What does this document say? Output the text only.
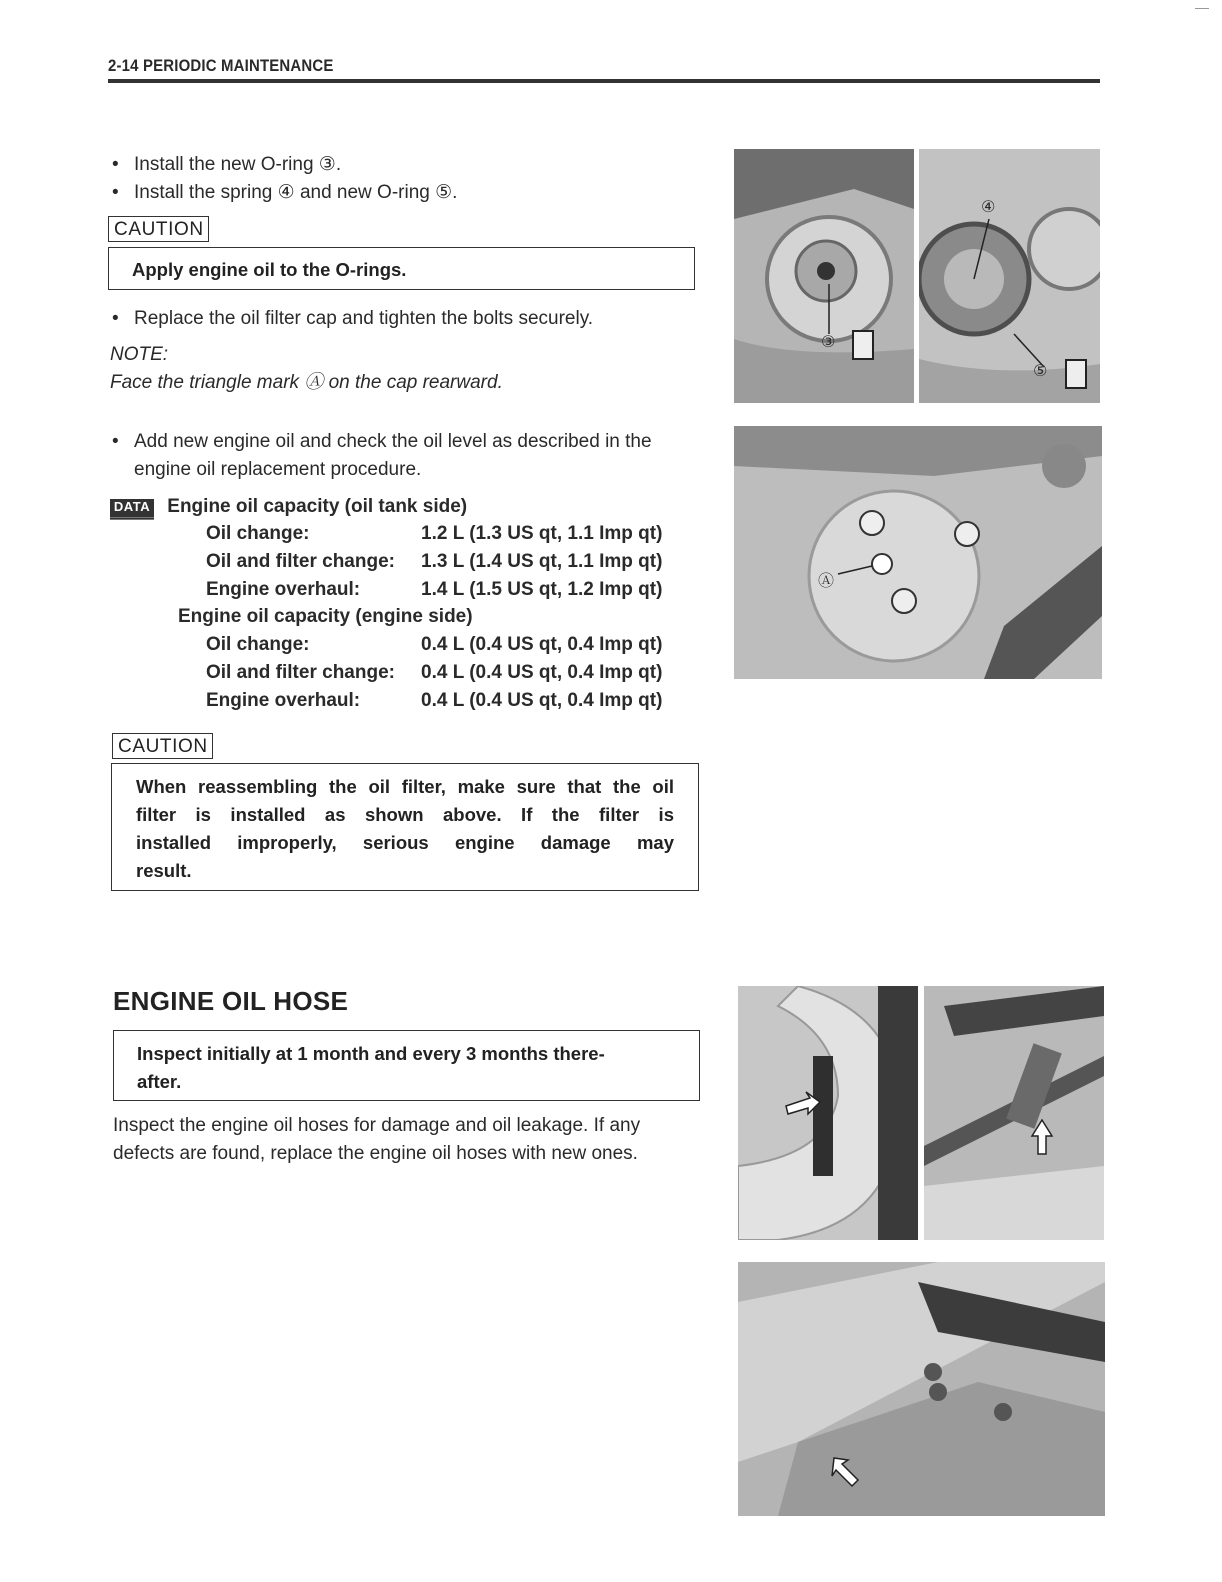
2-14 PERIODIC MAINTENANCE
• Install the new O-ring ③.
• Install the spring ④ and new O-ring ⑤.
CAUTION
Apply engine oil to the O-rings.
• Replace the oil filter cap and tighten the bolts securely.
NOTE:
Face the triangle mark Ⓐ on the cap rearward.
• Add new engine oil and check the oil level as described in the
engine oil replacement procedure.
DATA Engine oil capacity (oil tank side)
Oil change:	1.2 L (1.3 US qt, 1.1 Imp qt)
Oil and filter change: 1.3 L (1.4 US qt, 1.1 Imp qt)
Engine overhaul:	1.4 L (1.5 US qt, 1.2 Imp qt)
Engine oil capacity (engine side)
Oil change:	0.4 L (0.4 US qt, 0.4 Imp qt)
Oil and filter change: 0.4 L (0.4 US qt, 0.4 Imp qt)
Engine overhaul:	0.4 L (0.4 US qt, 0.4 Imp qt)
CAUTION
When reassembling the oil filter, make sure that the oil
filter is installed as shown above. If the filter is
installed improperly, serious engine damage may
result.
ENGINE OIL HOSE
Inspect initially at 1 month and every 3 months there-
after.
Inspect the engine oil hoses for damage and oil leakage. If any
defects are found, replace the engine oil hoses with new ones.
③
④
⑤
Ⓐ
